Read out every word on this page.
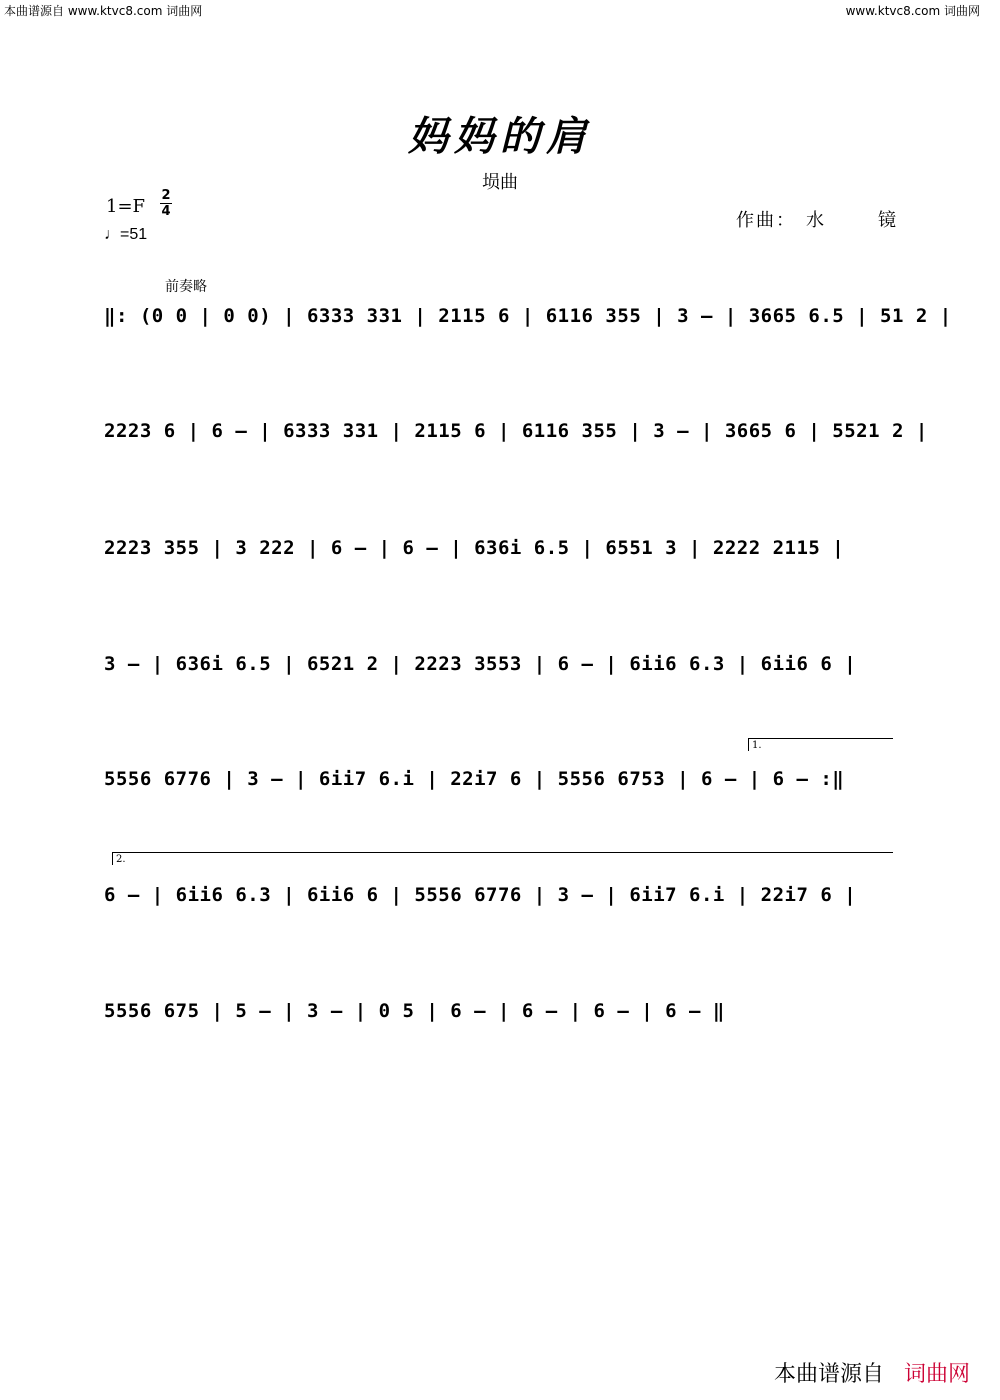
本曲谱源自 www.ktvc8.com 词曲网	www.ktvc8.com 词曲网
妈妈的肩
埙曲
1=F
2
4
♩=51
作曲： 水	镜
前奏略
‖: (0 0 | 0 0) | 6333 331 | 2115 6 | 6116 355 | 3 – | 3665 6.5 | 51 2 |
2223 6 | 6 – | 6333 331 | 2115 6 | 6116 355 | 3 – | 3665 6 | 5521 2 |
2223 355 | 3 222 | 6 – | 6 – | 636i 6.5 | 6551 3 | 2222 2115 |
3 – | 636i 6.5 | 6521 2 | 2223 3553 | 6 – | 6ii6 6.3 | 6ii6 6 |
1.
5556 6776 | 3 – | 6ii7 6.i | 22i7 6 | 5556 6753 | 6 – | 6 – :‖
2.
6 – | 6ii6 6.3 | 6ii6 6 | 5556 6776 | 3 – | 6ii7 6.i | 22i7 6 |
5556 675 | 5 – | 3 – | 0 5 | 6 – | 6 – | 6 – | 6 – ‖
本曲谱源自 词曲网
